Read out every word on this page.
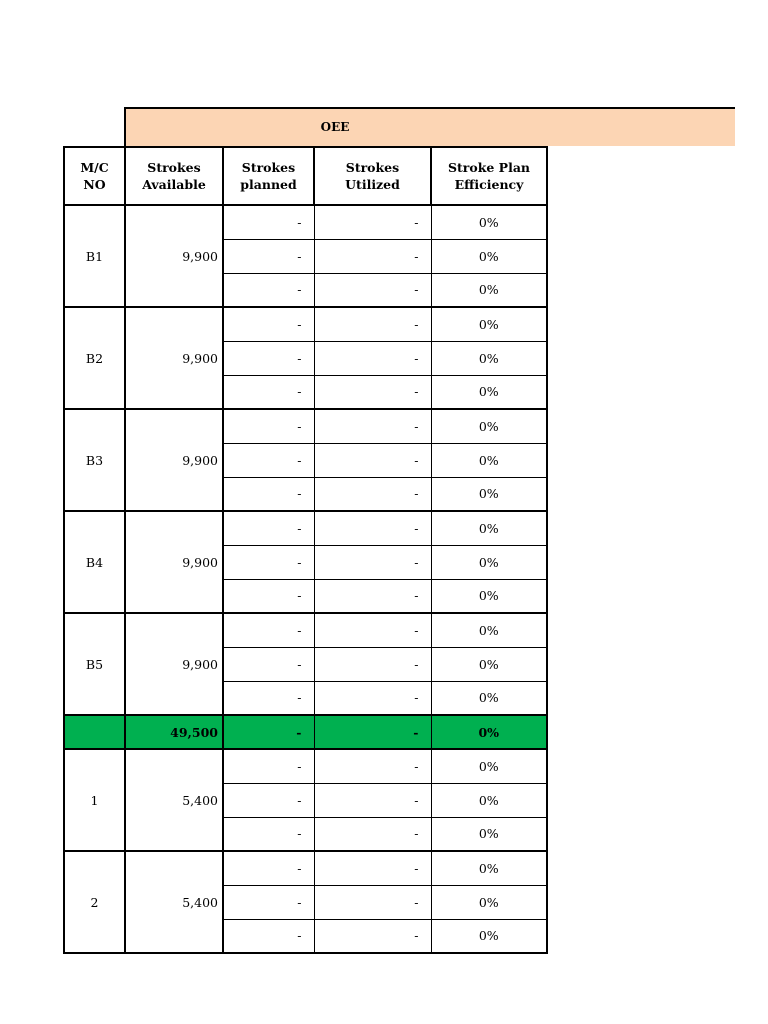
OEE
M/C NO	Strokes Available	Strokes planned	Strokes Utilized	Stroke Plan Efficiency
B1	9,900	-	-	0%
		-	-	0%
		-	-	0%
B2	9,900	-	-	0%
		-	-	0%
		-	-	0%
B3	9,900	-	-	0%
		-	-	0%
		-	-	0%
B4	9,900	-	-	0%
		-	-	0%
		-	-	0%
B5	9,900	-	-	0%
		-	-	0%
		-	-	0%
	49,500	-	-	0%
1	5,400	-	-	0%
		-	-	0%
		-	-	0%
2	5,400	-	-	0%
		-	-	0%
		-	-	0%
